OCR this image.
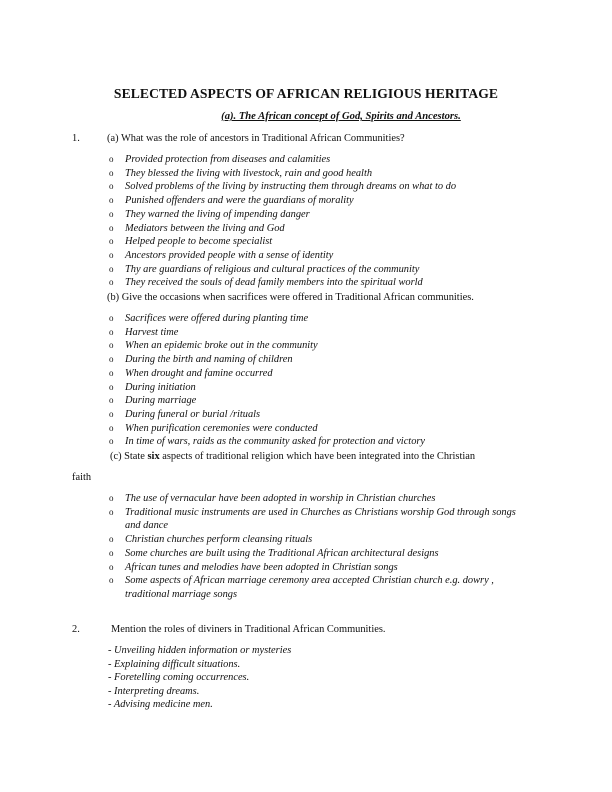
SELECTED ASPECTS OF AFRICAN RELIGIOUS HERITAGE
(a). The African concept of God, Spirits and Ancestors.
1.	(a) What was the role of ancestors in Traditional African Communities?
o Provided protection from diseases and calamities
o They blessed the living with livestock, rain and good health
o Solved problems of the living by instructing them through dreams on what to do
o Punished offenders and were the guardians of morality
o They warned the living of impending danger
o Mediators between the living and God
o Helped people to become specialist
o Ancestors provided people with a sense of identity
o Thy are guardians of religious and cultural practices of the community
o They received the souls of dead family members into the spiritual world
(b) Give the occasions when sacrifices were offered in Traditional African communities.
o Sacrifices were offered during planting time
o Harvest time
o When an epidemic broke out in the community
o During the birth and naming of children
o When drought and famine occurred
o During initiation
o During marriage
o During funeral or burial /rituals
o When purification ceremonies were conducted
o In time of wars, raids as the community asked for protection and victory
(c) State six aspects of traditional religion which have been integrated into the Christian
faith
o The use of vernacular have been adopted in worship in Christian churches
o Traditional music instruments are used in Churches as Christians worship God through songs and dance
o Christian churches perform cleansing rituals
o Some churches are built using the Traditional African architectural designs
o African tunes and melodies have been adopted in Christian songs
o Some aspects of African marriage ceremony area accepted Christian church e.g. dowry , traditional marriage songs
2.	Mention the roles of diviners in Traditional African Communities.
- Unveiling hidden information or mysteries
- Explaining difficult situations.
- Foretelling coming occurrences.
- Interpreting dreams.
- Advising medicine men.
